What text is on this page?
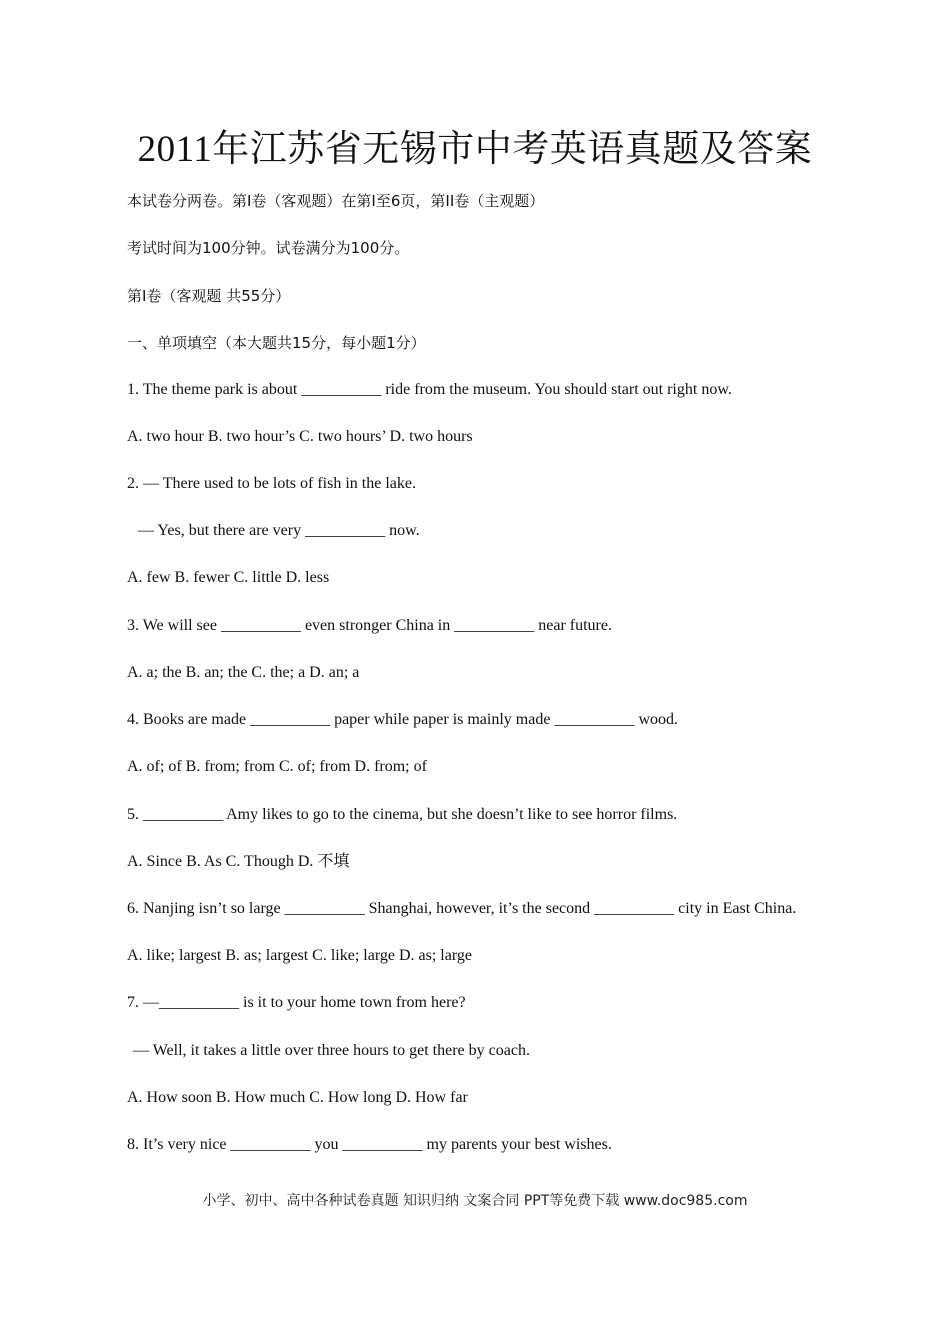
2011年江苏省无锡市中考英语真题及答案
本试卷分两卷。第I卷（客观题）在第I至6页，第II卷（主观题）
考试时间为100分钟。试卷满分为100分。
第I卷（客观题 共55分）
一、单项填空（本大题共15分，每小题1分）
1. The theme park is about __________ ride from the museum. You should start out right now.
A. two hour B. two hour’s C. two hours’ D. two hours
2. — There used to be lots of fish in the lake.
— Yes, but there are very __________ now.
A. few B. fewer C. little D. less
3. We will see __________ even stronger China in __________ near future.
A. a; the B. an; the C. the; a D. an; a
4. Books are made __________ paper while paper is mainly made __________ wood.
A. of; of B. from; from C. of; from D. from; of
5. __________ Amy likes to go to the cinema, but she doesn’t like to see horror films.
A. Since B. As C. Though D. 不填
6. Nanjing isn’t so large __________ Shanghai, however, it’s the second __________ city in East China.
A. like; largest B. as; largest C. like; large D. as; large
7. —__________ is it to your home town from here?
— Well, it takes a little over three hours to get there by coach.
A. How soon B. How much C. How long D. How far
8. It’s very nice __________ you __________ my parents your best wishes.
小学、初中、高中各种试卷真题 知识归纳 文案合同 PPT等免费下载 www.doc985.com
